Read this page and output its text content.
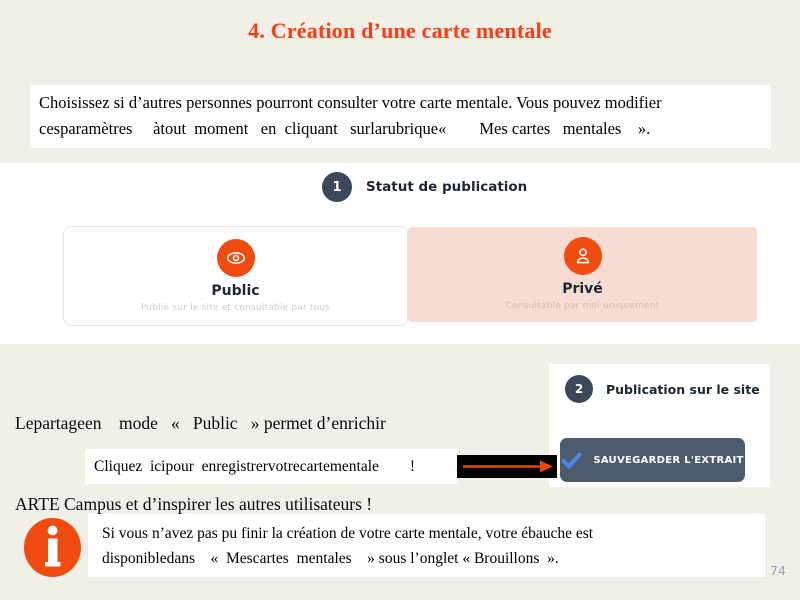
4. Création d’une carte mentale
Choisissez si d’autres personnes pourront consulter votre carte mentale. Vous pouvez modifier
cesparamètres     àtout  moment   en  cliquant   surlarubrique«        Mes cartes   mentales    ».
1	Statut de publication
Public
Publié sur le site et consultable par tous
Privé
Consultable par moi uniquement

Lepartageen    mode   «   Public   » permet d’enrichir

ARTE Campus et d’inspirer les autres utilisateurs !

2	Publication sur le site
SAUVEGARDER L'EXTRAIT
Cliquez  icipour  enregistrervotrecartementale        !
Si vous n’avez pas pu finir la création de votre carte mentale, votre ébauche est
disponibledans    «  Mescartes  mentales    » sous l’onglet « Brouillons  ».
74
